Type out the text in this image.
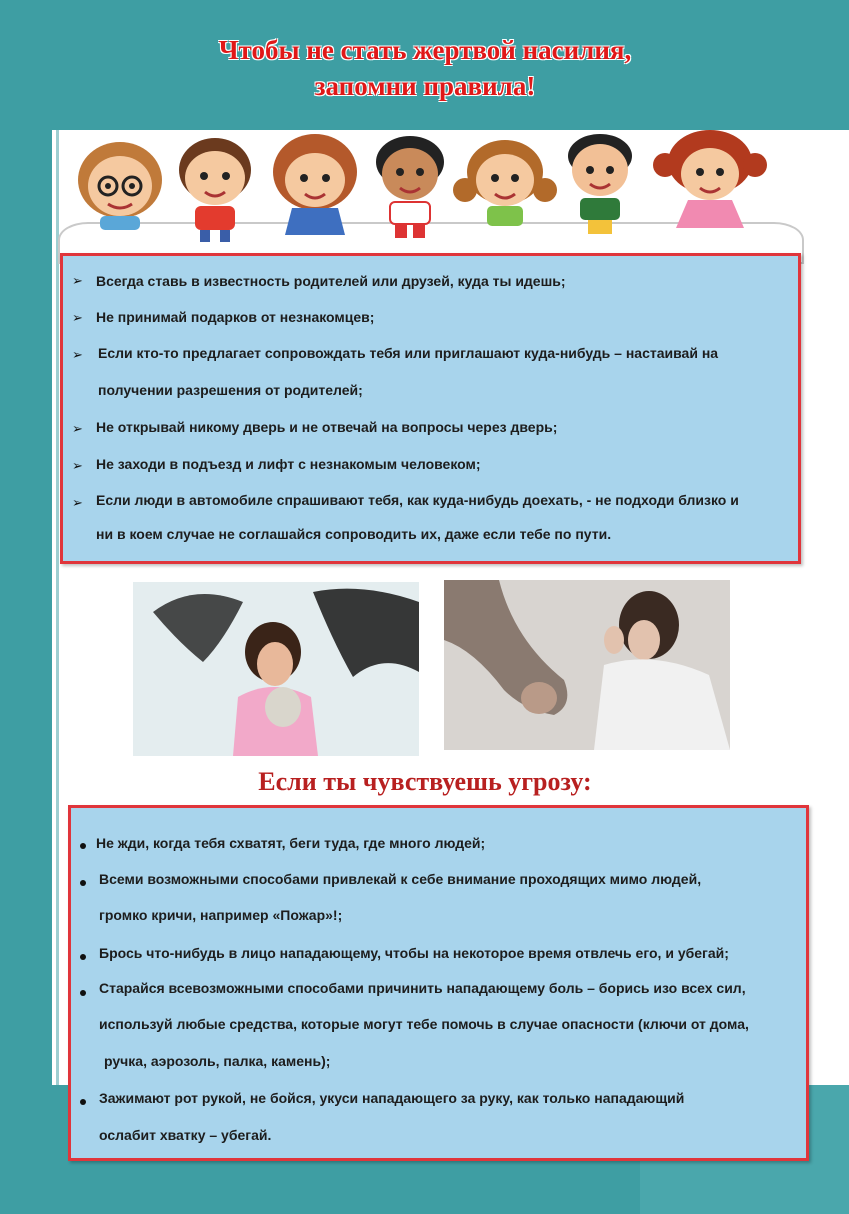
Чтобы не стать жертвой насилия,
запомни правила!
➢ Всегда ставь в известность родителей или друзей, куда ты идешь;
➢ Не принимай подарков от незнакомцев;
➢ Если кто-то предлагает сопровождать тебя или приглашают куда-нибудь – настаивай на
получении разрешения от родителей;
➢ Не открывай никому дверь и не отвечай на вопросы через дверь;
➢ Не заходи в подъезд и лифт с незнакомым человеком;
➢ Если люди в автомобиле спрашивают тебя, как куда-нибудь доехать, - не подходи близко и
ни в коем случае не соглашайся сопроводить их, даже если тебе по пути.
Если ты чувствуешь угрозу:
Не жди, когда тебя схватят, беги туда, где много людей;
Всеми возможными способами привлекай к себе внимание проходящих мимо людей,
громко кричи, например «Пожар»!;
Брось что-нибудь в лицо нападающему, чтобы на некоторое время отвлечь его, и убегай;
Старайся всевозможными способами причинить нападающему боль – борись изо всех сил,
используй любые средства, которые могут тебе помочь в случае опасности (ключи от дома,
ручка, аэрозоль, палка, камень);
Зажимают рот рукой, не бойся, укуси нападающего за руку, как только нападающий
ослабит хватку – убегай.
